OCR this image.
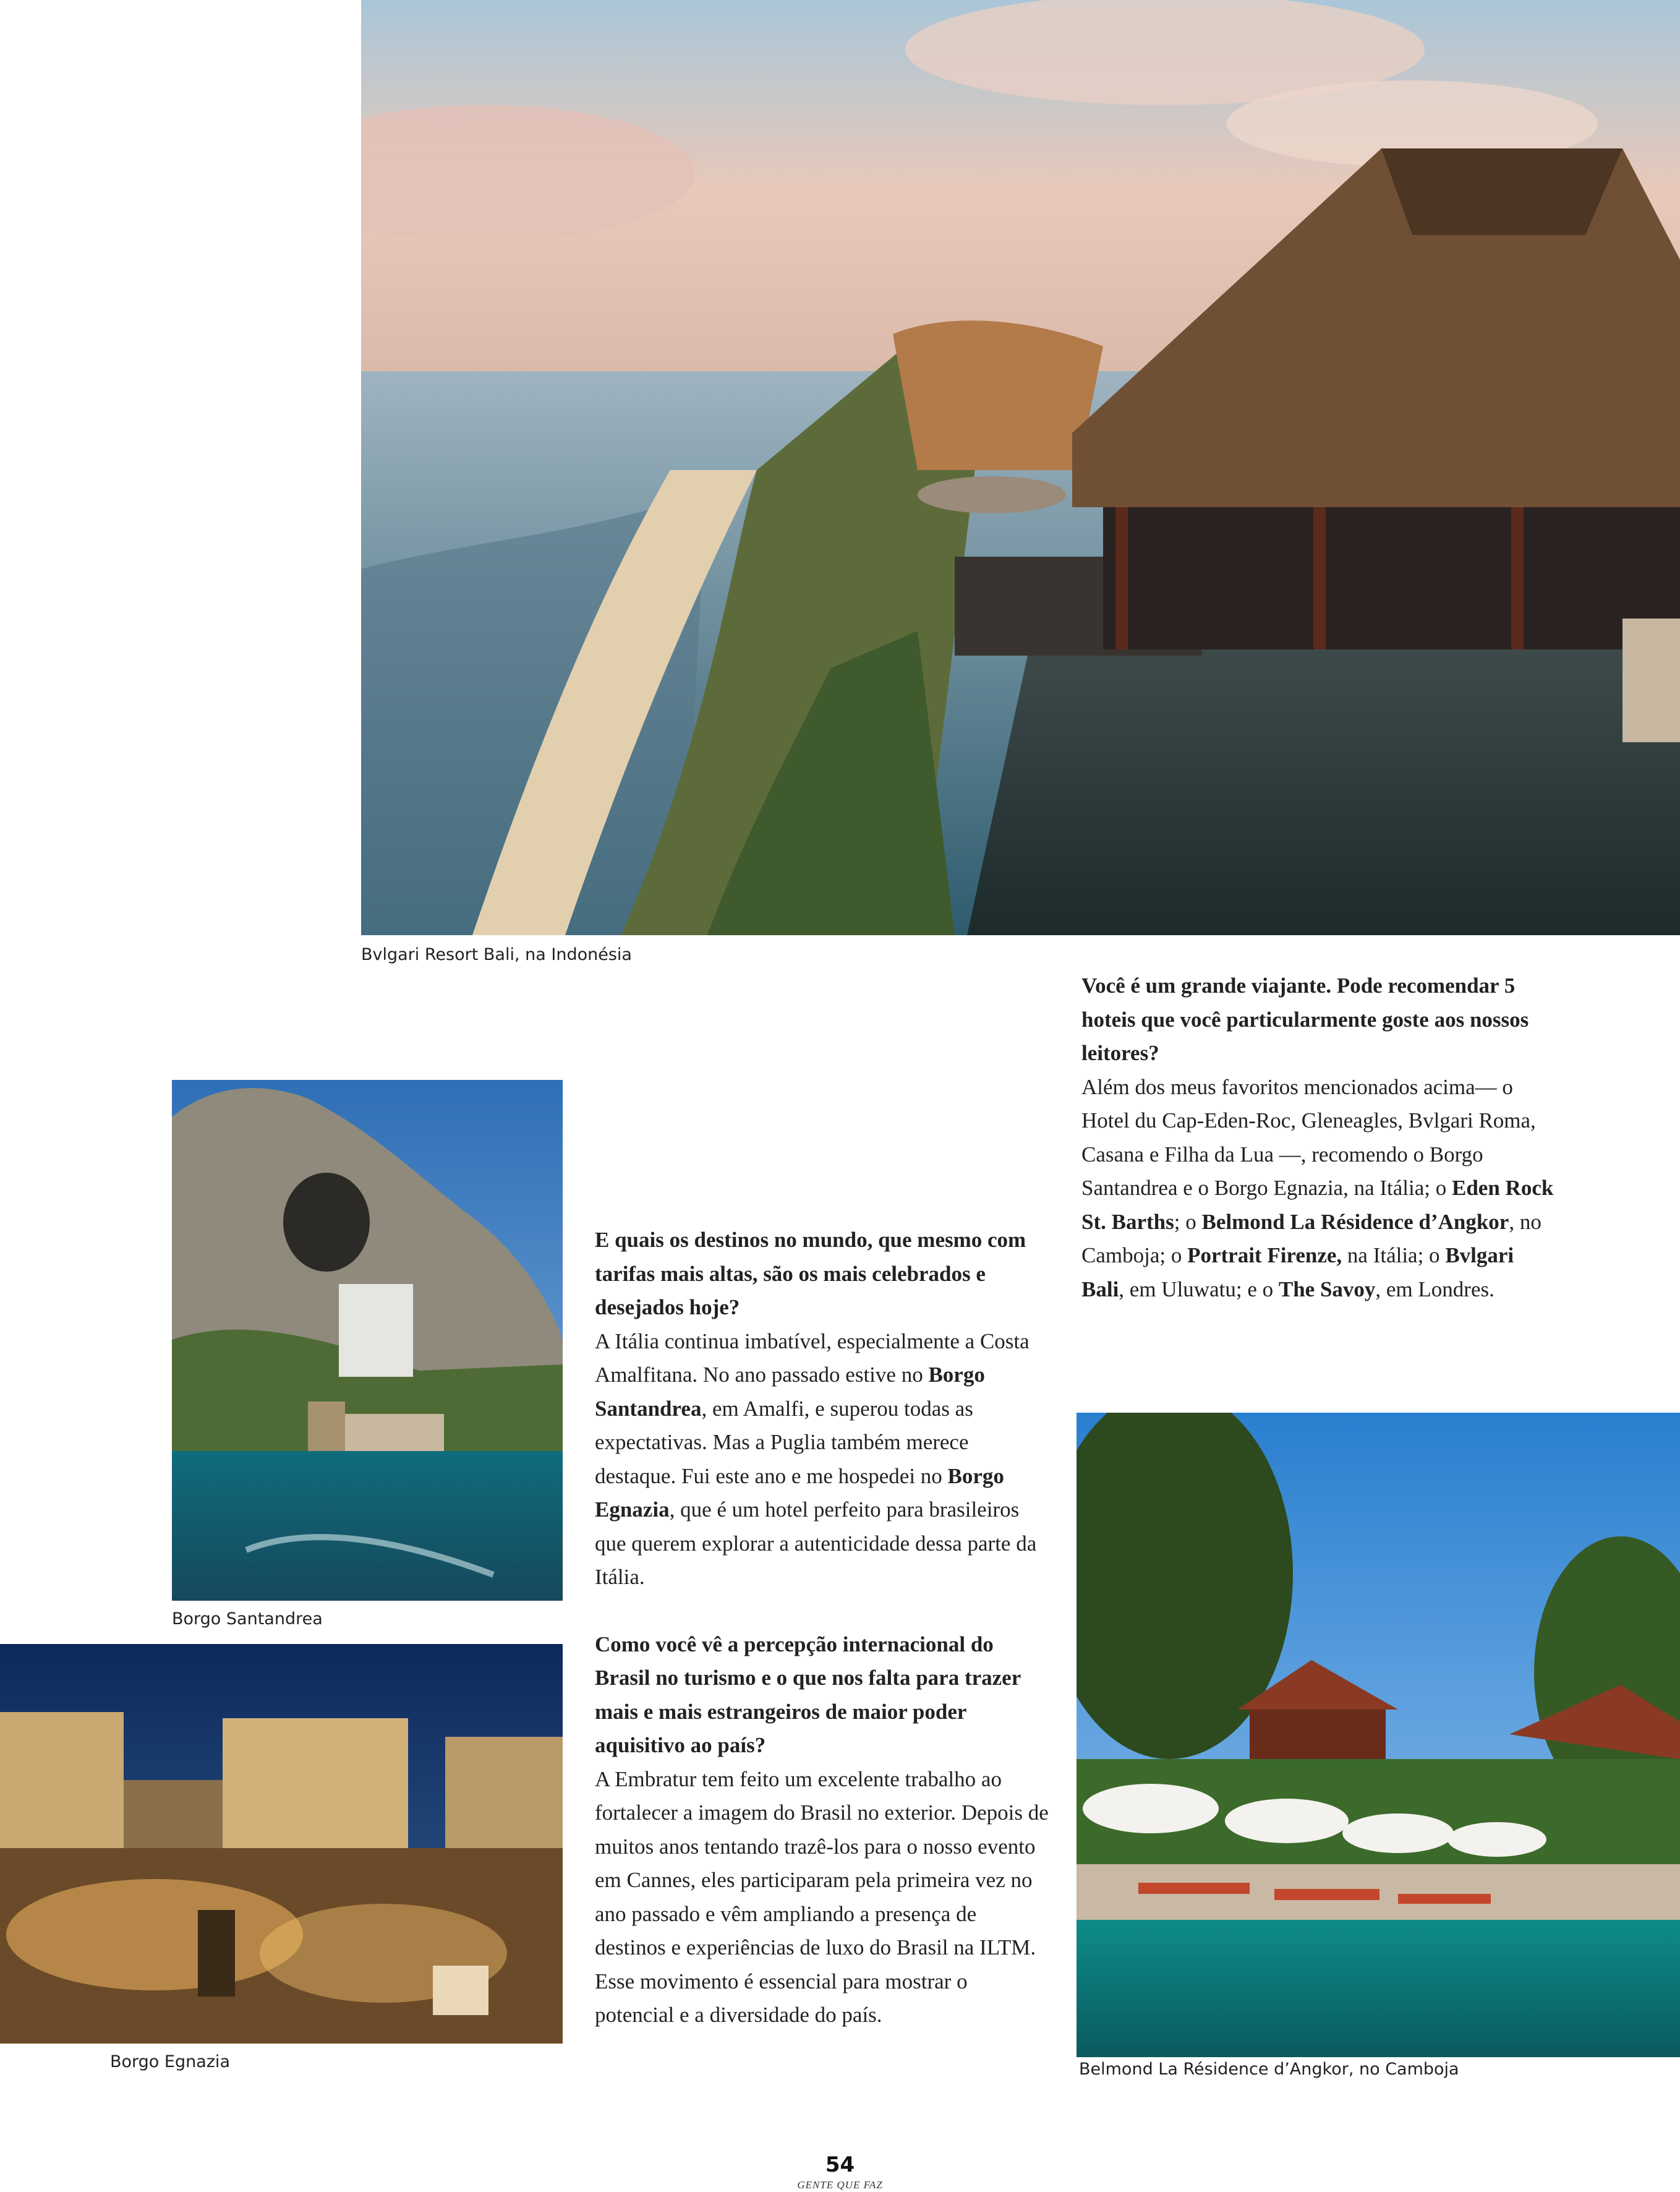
Bvlgari Resort Bali, na Indonésia
Borgo Santandrea
Borgo Egnazia	Belmond La Résidence d’Angkor, no Camboja

E quais os destinos no mundo, que mesmo com tarifas mais altas, são os mais celebrados e desejados hoje?

A Itália continua imbatível, especialmente a Costa Amalfitana. No ano passado estive no Borgo Santandrea, em Amalfi, e superou todas as expectativas. Mas a Puglia também merece destaque. Fui este ano e me hospedei no Borgo Egnazia, que é um hotel perfeito para brasileiros que querem explorar a autenticidade dessa parte da Itália.

Como você vê a percepção internacional do Brasil no turismo e o que nos falta para trazer mais e mais estrangeiros de maior poder aquisitivo ao país?

A Embratur tem feito um excelente trabalho ao fortalecer a imagem do Brasil no exterior. Depois de muitos anos tentando trazê-los para o nosso evento em Cannes, eles participaram pela primeira vez no ano passado e vêm ampliando a presença de destinos e experiências de luxo do Brasil na ILTM. Esse movimento é essencial para mostrar o potencial e a diversidade do país.

Você é um grande viajante. Pode recomendar 5 hoteis que você particularmente goste aos nossos leitores?

Além dos meus favoritos mencionados acima— o Hotel du Cap-Eden-Roc, Gleneagles, Bvlgari Roma, Casana e Filha da Lua —, recomendo o Borgo Santandrea e o Borgo Egnazia, na Itália; o Eden Rock St. Barths; o Belmond La Résidence d’Angkor, no Camboja; o Portrait Firenze, na Itália; o Bvlgari Bali, em Uluwatu; e o The Savoy, em Londres.

54
GENTE QUE FAZ
